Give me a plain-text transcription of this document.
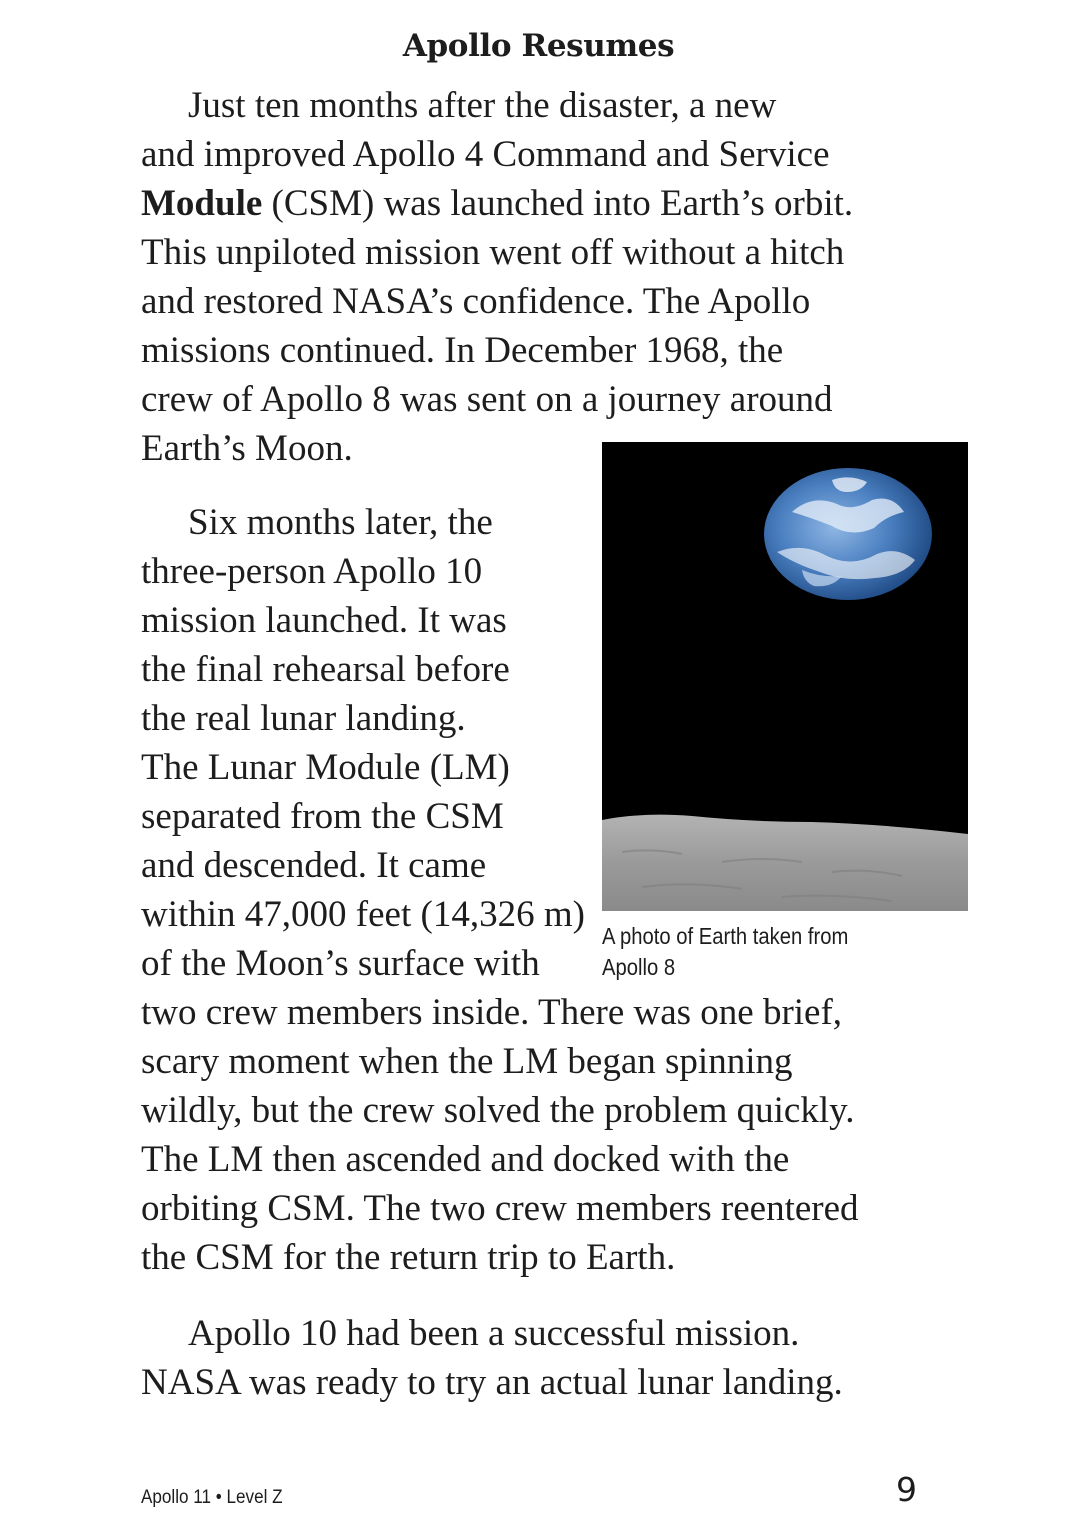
Apollo Resumes

Just ten months after the disaster, a new

and improved Apollo 4 Command and Service

Module (CSM) was launched into Earth’s orbit.

This unpiloted mission went off without a hitch

and restored NASA’s confidence. The Apollo

missions continued. In December 1968, the

crew of Apollo 8 was sent on a journey around

Earth’s Moon.

Six months later, the

three-person Apollo 10

mission launched. It was

the final rehearsal before

the real lunar landing.

The Lunar Module (LM)

separated from the CSM

and descended. It came

within 47,000 feet (14,326 m)

of the Moon’s surface with

two crew members inside. There was one brief,

scary moment when the LM began spinning

wildly, but the crew solved the problem quickly.

The LM then ascended and docked with the

orbiting CSM. The two crew members reentered

the CSM for the return trip to Earth.

Apollo 10 had been a successful mission.

NASA was ready to try an actual lunar landing.

A photo of Earth taken from
Apollo 8

Apollo 11 • Level Z	9
